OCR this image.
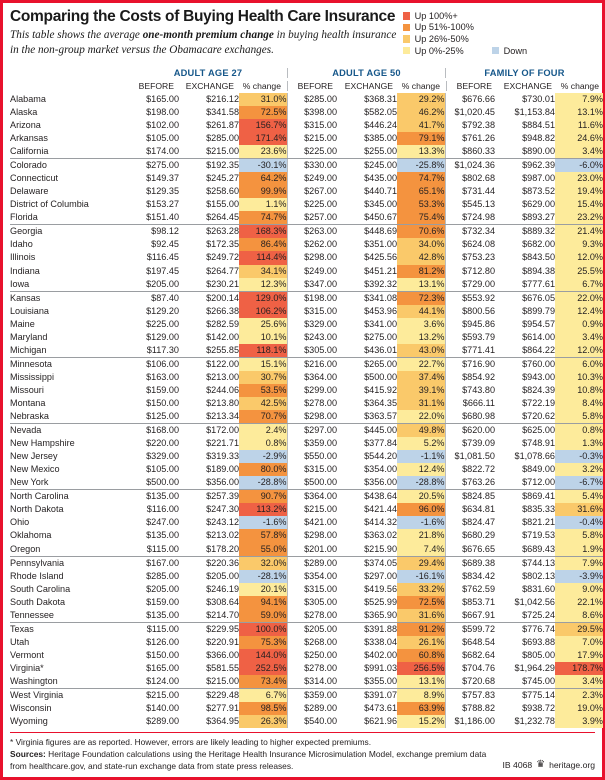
Comparing the Costs of Buying Health Care Insurance
This table shows the average one-month premium change in buying health insurance in the non-group market versus the Obamacare exchanges.
Up 100%+
Up 51%-100%
Up 26%-50%
Up 0%-25%	Down
ADULT AGE 27	ADULT AGE 50	FAMILY OF FOUR
BEFORE	EXCHANGE	% change	BEFORE	EXCHANGE	% change	BEFORE	EXCHANGE	% change
Alabama	$165.00	$216.12	31.0%	$285.00	$368.31	29.2%	$676.66	$730.01	7.9%
Alaska	$198.00	$341.58	72.5%	$398.00	$582.05	46.2%	$1,020.45	$1,153.84	13.1%
Arizona	$102.00	$261.87	156.7%	$315.00	$446.24	41.7%	$792.38	$884.51	11.6%
Arkansas	$105.00	$285.00	171.4%	$215.00	$385.00	79.1%	$761.26	$948.82	24.6%
California	$174.00	$215.00	23.6%	$225.00	$255.00	13.3%	$860.33	$890.00	3.4%
Colorado	$275.00	$192.35	-30.1%	$330.00	$245.00	-25.8%	$1,024.36	$962.39	-6.0%
Connecticut	$149.37	$245.27	64.2%	$249.00	$435.00	74.7%	$802.68	$987.00	23.0%
Delaware	$129.35	$258.60	99.9%	$267.00	$440.71	65.1%	$731.44	$873.52	19.4%
District of Columbia	$153.27	$155.00	1.1%	$225.00	$345.00	53.3%	$545.13	$629.00	15.4%
Florida	$151.40	$264.45	74.7%	$257.00	$450.67	75.4%	$724.98	$893.27	23.2%
Georgia	$98.12	$263.28	168.3%	$263.00	$448.69	70.6%	$732.34	$889.32	21.4%
Idaho	$92.45	$172.35	86.4%	$262.00	$351.00	34.0%	$624.08	$682.00	9.3%
Illinois	$116.45	$249.72	114.4%	$298.00	$425.56	42.8%	$753.23	$843.50	12.0%
Indiana	$197.45	$264.77	34.1%	$249.00	$451.21	81.2%	$712.80	$894.38	25.5%
Iowa	$205.00	$230.21	12.3%	$347.00	$392.32	13.1%	$729.00	$777.61	6.7%
Kansas	$87.40	$200.14	129.0%	$198.00	$341.08	72.3%	$553.92	$676.05	22.0%
Louisiana	$129.20	$266.38	106.2%	$315.00	$453.96	44.1%	$800.56	$899.79	12.4%
Maine	$225.00	$282.59	25.6%	$329.00	$341.00	3.6%	$945.86	$954.57	0.9%
Maryland	$129.00	$142.00	10.1%	$243.00	$275.00	13.2%	$593.79	$614.00	3.4%
Michigan	$117.30	$255.85	118.1%	$305.00	$436.01	43.0%	$771.41	$864.22	12.0%
Minnesota	$106.00	$122.00	15.1%	$216.00	$265.00	22.7%	$716.90	$760.00	6.0%
Mississippi	$163.00	$213.00	30.7%	$364.00	$500.00	37.4%	$854.92	$943.00	10.3%
Missouri	$159.00	$244.06	53.5%	$299.00	$415.92	39.1%	$743.80	$824.39	10.8%
Montana	$150.00	$213.80	42.5%	$278.00	$364.35	31.1%	$666.11	$722.19	8.4%
Nebraska	$125.00	$213.34	70.7%	$298.00	$363.57	22.0%	$680.98	$720.62	5.8%
Nevada	$168.00	$172.00	2.4%	$297.00	$445.00	49.8%	$620.00	$625.00	0.8%
New Hampshire	$220.00	$221.71	0.8%	$359.00	$377.84	5.2%	$739.09	$748.91	1.3%
New Jersey	$329.00	$319.33	-2.9%	$550.00	$544.20	-1.1%	$1,081.50	$1,078.66	-0.3%
New Mexico	$105.00	$189.00	80.0%	$315.00	$354.00	12.4%	$822.72	$849.00	3.2%
New York	$500.00	$356.00	-28.8%	$500.00	$356.00	-28.8%	$763.26	$712.00	-6.7%
North Carolina	$135.00	$257.39	90.7%	$364.00	$438.64	20.5%	$824.85	$869.41	5.4%
North Dakota	$116.00	$247.30	113.2%	$215.00	$421.44	96.0%	$634.81	$835.33	31.6%
Ohio	$247.00	$243.12	-1.6%	$421.00	$414.32	-1.6%	$824.47	$821.21	-0.4%
Oklahoma	$135.00	$213.02	57.8%	$298.00	$363.02	21.8%	$680.29	$719.53	5.8%
Oregon	$115.00	$178.20	55.0%	$201.00	$215.90	7.4%	$676.65	$689.43	1.9%
Pennsylvania	$167.00	$220.36	32.0%	$289.00	$374.05	29.4%	$689.38	$744.13	7.9%
Rhode Island	$285.00	$205.00	-28.1%	$354.00	$297.00	-16.1%	$834.42	$802.13	-3.9%
South Carolina	$205.00	$246.19	20.1%	$315.00	$419.56	33.2%	$762.59	$831.60	9.0%
South Dakota	$159.00	$308.64	94.1%	$305.00	$525.99	72.5%	$853.71	$1,042.56	22.1%
Tennessee	$135.00	$214.70	59.0%	$278.00	$365.90	31.6%	$667.91	$725.24	8.6%
Texas	$115.00	$229.95	100.0%	$205.00	$391.88	91.2%	$599.72	$776.74	29.5%
Utah	$126.00	$220.91	75.3%	$268.00	$338.04	26.1%	$648.54	$693.88	7.0%
Vermont	$150.00	$366.00	144.0%	$250.00	$402.00	60.8%	$682.64	$805.00	17.9%
Virginia*	$165.00	$581.55	252.5%	$278.00	$991.03	256.5%	$704.76	$1,964.29	178.7%
Washington	$124.00	$215.00	73.4%	$314.00	$355.00	13.1%	$720.68	$745.00	3.4%
West Virginia	$215.00	$229.48	6.7%	$359.00	$391.07	8.9%	$757.83	$775.14	2.3%
Wisconsin	$140.00	$277.91	98.5%	$289.00	$473.61	63.9%	$788.82	$938.72	19.0%
Wyoming	$289.00	$364.95	26.3%	$540.00	$621.96	15.2%	$1,186.00	$1,232.78	3.9%
* Virginia figures are as reported. However, errors are likely leading to higher expected premiums.
Sources: Heritage Foundation calculations using the Heritage Health Insurance Microsimulation Model, exchange premium data from healthcare.gov, and state-run exchange data from state press releases.	IB 4068 ♛ heritage.org
